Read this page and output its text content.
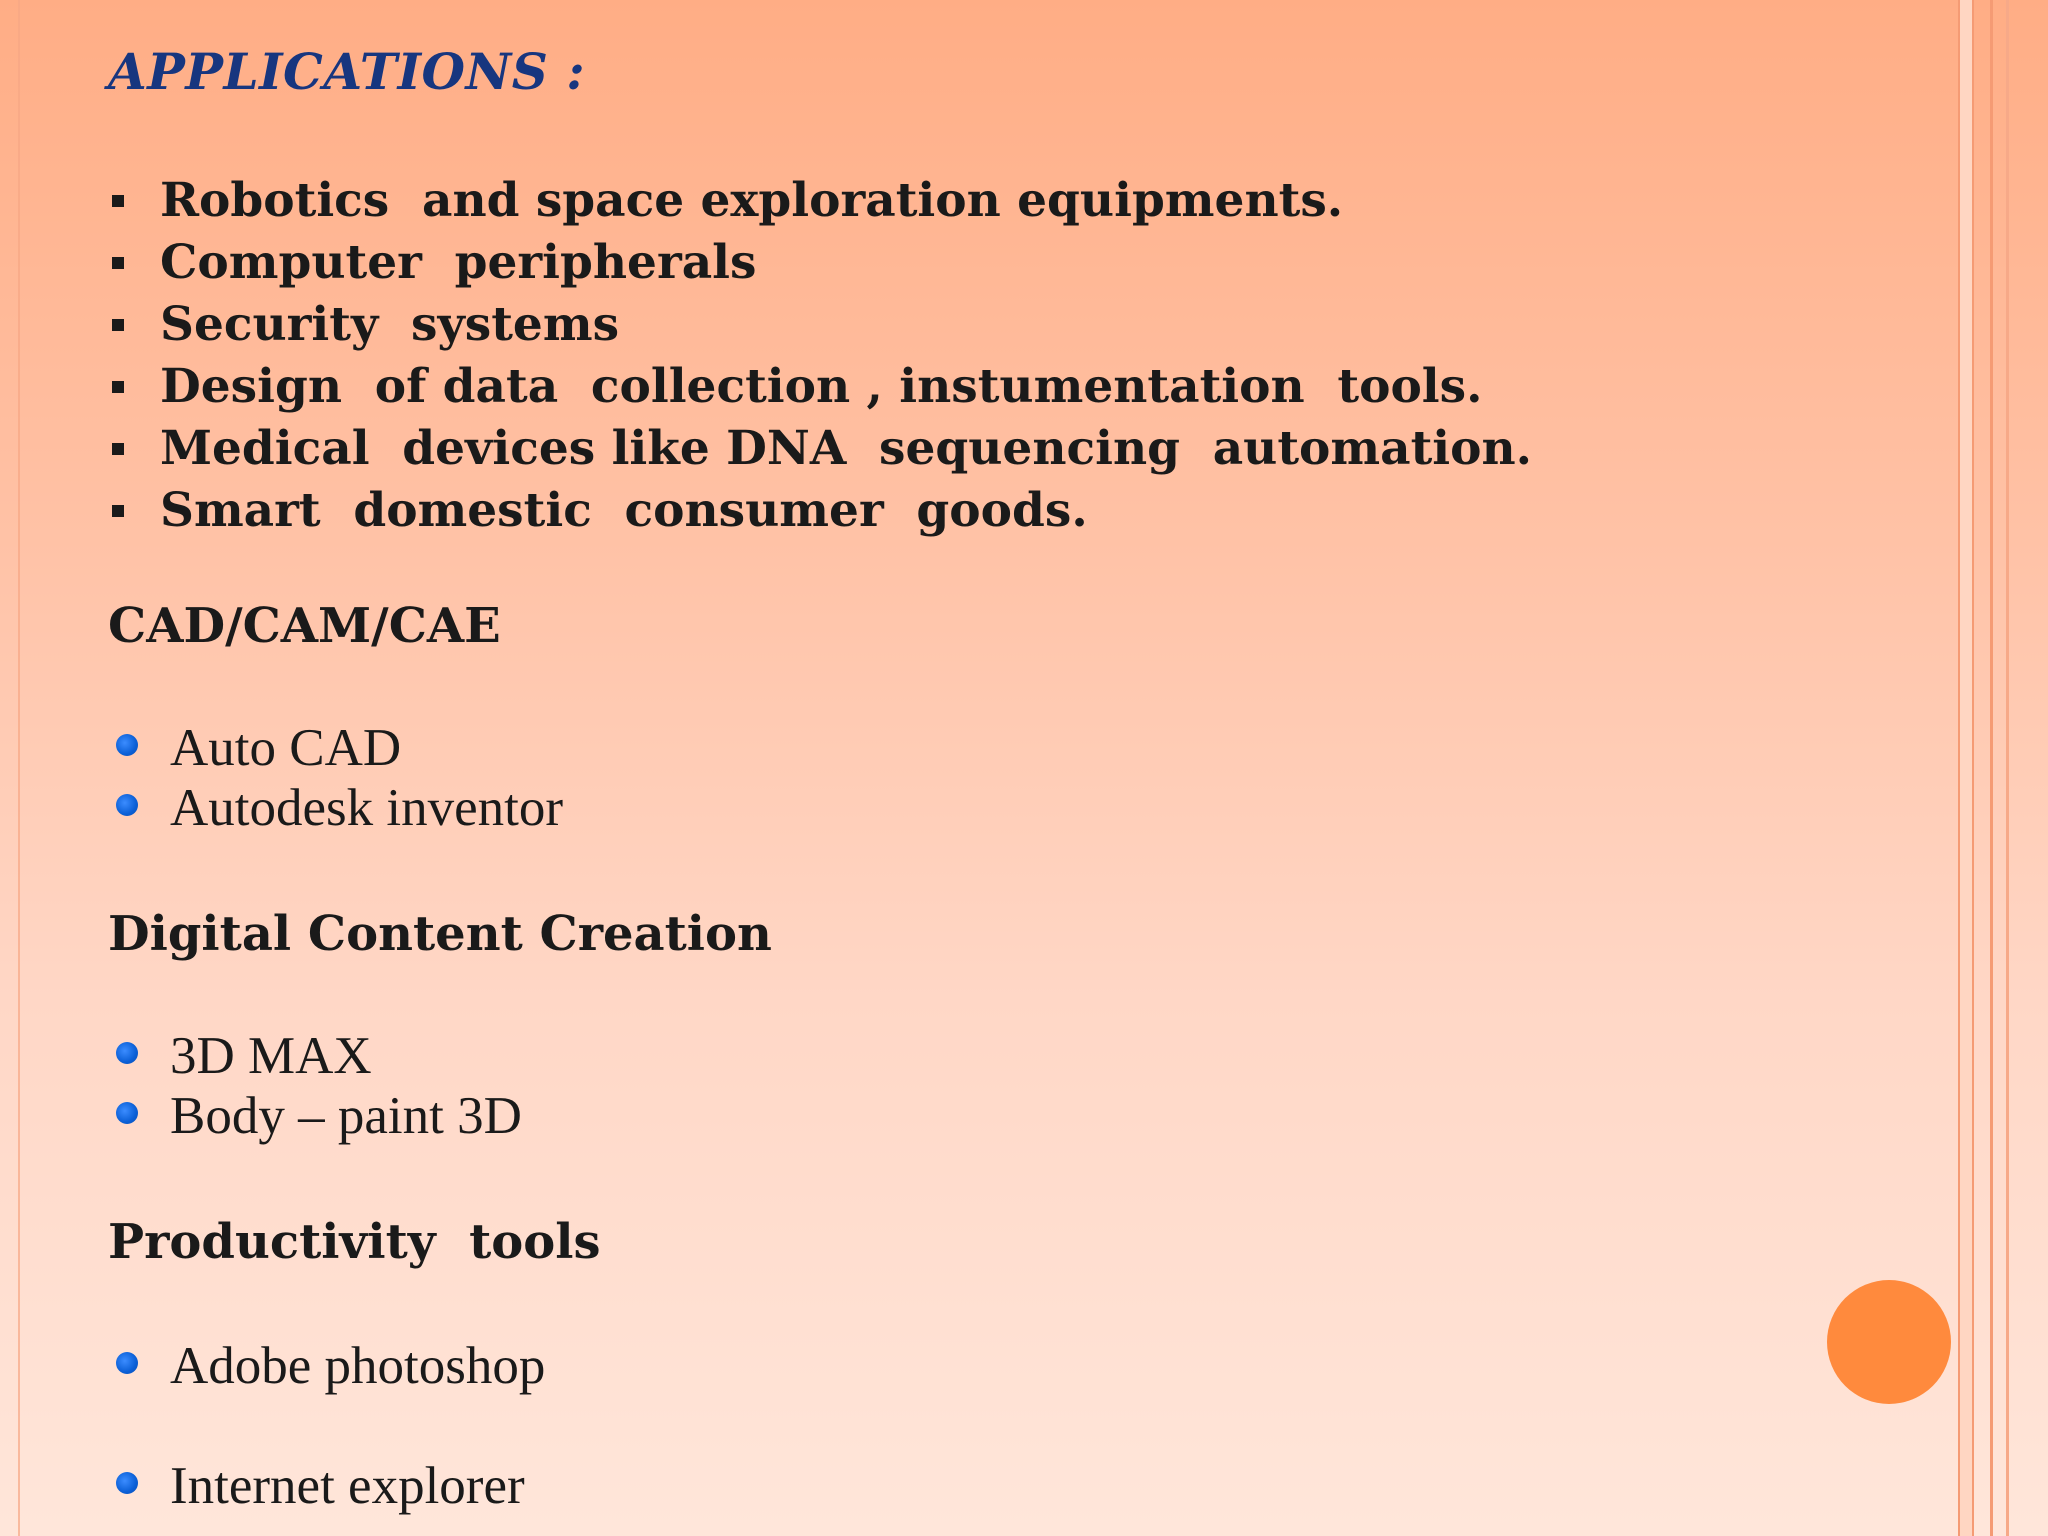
APPLICATIONS :
Robotics  and space exploration equipments.
Computer  peripherals
Security  systems
Design  of data  collection , instumentation  tools.
Medical  devices like DNA  sequencing  automation.
Smart  domestic  consumer  goods.
CAD/CAM/CAE
Auto CAD
Autodesk inventor
Digital Content Creation
3D MAX
Body – paint 3D
Productivity  tools
Adobe photoshop
Internet explorer
